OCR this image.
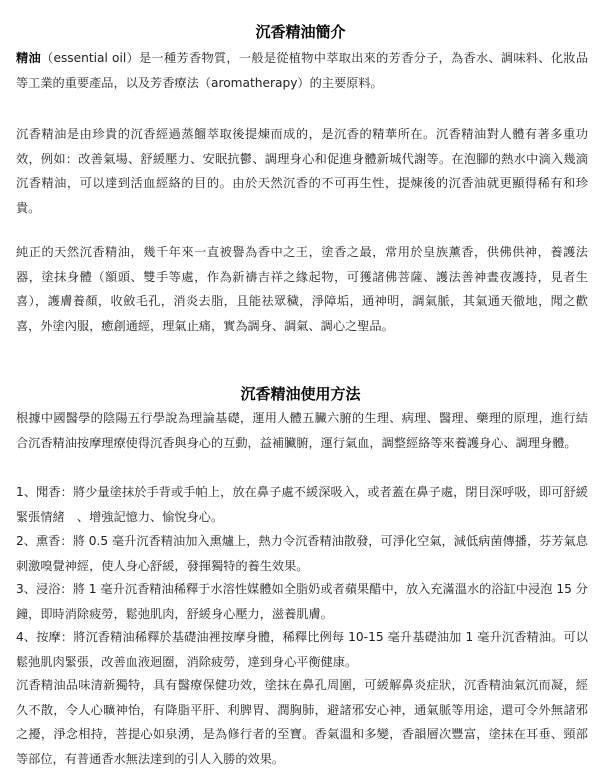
沉香精油簡介

精油（essential oil）是一種芳香物質，一般是從植物中萃取出來的芳香分子，為香水、調味料、化妝品等工業的重要產品，以及芳香療法（aromatherapy）的主要原料。

沉香精油是由珍貴的沉香經過蒸餾萃取後提煉而成的，是沉香的精華所在。沉香精油對人體有著多重功效，例如：改善氣場、舒緩壓力、安眠抗鬱、調理身心和促進身體新城代謝等。在泡腳的熱水中滴入幾滴沉香精油，可以達到活血經絡的目的。由於天然沉香的不可再生性，提煉後的沉香油就更顯得稀有和珍貴。

純正的天然沉香精油，幾千年來一直被譽為香中之王，塗香之最，常用於皇族薰香，供佛供神，養護法器，塗抹身體（額頭、雙手等處，作為新禱吉祥之緣起物，可獲諸佛菩薩、護法善神晝夜護持，見者生喜），護膚養顏，收斂毛孔，消炎去脂，且能祛眾穢，淨障垢，通神明，調氣脈，其氣通天徹地，聞之歡喜，外塗內服，癒創通經，理氣止痛，實為調身、調氣、調心之聖品。

沉香精油使用方法

根據中國醫學的陰陽五行學說為理論基礎，運用人體五臟六腑的生理、病理、醫理、藥理的原理，進行結合沉香精油按摩理療使得沉香與身心的互動，益補臟腑，運行氣血，調整經絡等來養護身心、調理身體。

1、聞香：將少量塗抹於手背或手帕上，放在鼻子處不緩深吸入，或者蓋在鼻子處，閉目深呼吸，即可舒緩緊張情緒　、增強記憶力、愉悅身心。

2、熏香：將 0.5 毫升沉香精油加入熏爐上，熱力令沉香精油散發，可淨化空氣，減低病菌傳播，芬芳氣息刺激嗅覺神經，使人身心舒緩，發揮獨特的養生效果。

3、浸浴：將 1 毫升沉香精油稀釋于水溶性媒體如全脂奶或者蘋果醋中，放入充滿溫水的浴缸中浸泡 15 分鐘，即時消除疲勞，鬆弛肌肉，舒緩身心壓力，滋養肌膚。

4、按摩：將沉香精油稀釋於基礎油裡按摩身體，稀釋比例每 10-15 毫升基礎油加 1 毫升沉香精油。可以鬆弛肌肉緊張，改善血液迴圈，消除疲勞，達到身心平衡健康。

沉香精油品味清新獨特，具有醫療保健功效，塗抹在鼻孔周圍，可緩解鼻炎症狀，沉香精油氣沉而凝，經久不散，令人心曠神怡，有降脂平肝、利脾胃、潤胸肺，避諸邪安心神，通氣脈等用途，還可令外無諸邪之擾，淨念相持，菩提心如泉湧，是為修行者的至寶。香氣溫和多變，香韻層次豐富，塗抹在耳垂、頸部等部位，有普通香水無法達到的引人入勝的效果。
